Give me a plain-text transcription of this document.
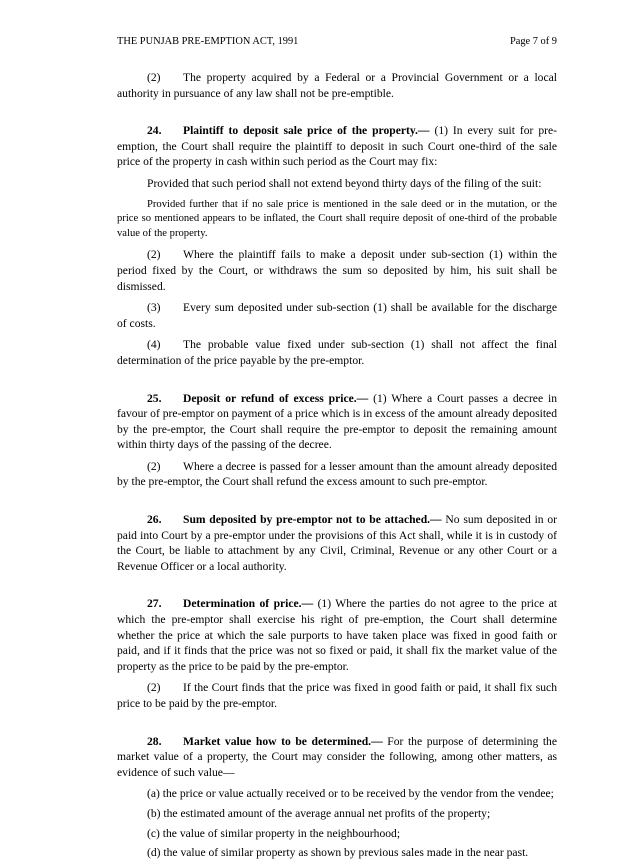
THE PUNJAB PRE-EMPTION ACT, 1991	Page 7 of 9

(2) The property acquired by a Federal or a Provincial Government or a local authority in pursuance of any law shall not be pre-emptible.

24. Plaintiff to deposit sale price of the property.— (1) In every suit for pre-emption, the Court shall require the plaintiff to deposit in such Court one-third of the sale price of the property in cash within such period as the Court may fix:

Provided that such period shall not extend beyond thirty days of the filing of the suit:

Provided further that if no sale price is mentioned in the sale deed or in the mutation, or the price so mentioned appears to be inflated, the Court shall require deposit of one-third of the probable value of the property.

(2) Where the plaintiff fails to make a deposit under sub-section (1) within the period fixed by the Court, or withdraws the sum so deposited by him, his suit shall be dismissed.

(3) Every sum deposited under sub-section (1) shall be available for the discharge of costs.

(4) The probable value fixed under sub-section (1) shall not affect the final determination of the price payable by the pre-emptor.

25. Deposit or refund of excess price.— (1) Where a Court passes a decree in favour of pre-emptor on payment of a price which is in excess of the amount already deposited by the pre-emptor, the Court shall require the pre-emptor to deposit the remaining amount within thirty days of the passing of the decree.

(2) Where a decree is passed for a lesser amount than the amount already deposited by the pre-emptor, the Court shall refund the excess amount to such pre-emptor.

26. Sum deposited by pre-emptor not to be attached.— No sum deposited in or paid into Court by a pre-emptor under the provisions of this Act shall, while it is in custody of the Court, be liable to attachment by any Civil, Criminal, Revenue or any other Court or a Revenue Officer or a local authority.

27. Determination of price.— (1) Where the parties do not agree to the price at which the pre-emptor shall exercise his right of pre-emption, the Court shall determine whether the price at which the sale purports to have taken place was fixed in good faith or paid, and if it finds that the price was not so fixed or paid, it shall fix the market value of the property as the price to be paid by the pre-emptor.

(2) If the Court finds that the price was fixed in good faith or paid, it shall fix such price to be paid by the pre-emptor.

28. Market value how to be determined.— For the purpose of determining the market value of a property, the Court may consider the following, among other matters, as evidence of such value—

(a) the price or value actually received or to be received by the vendor from the vendee;
(b) the estimated amount of the average annual net profits of the property;
(c) the value of similar property in the neighbourhood;
(d) the value of similar property as shown by previous sales made in the near past.
